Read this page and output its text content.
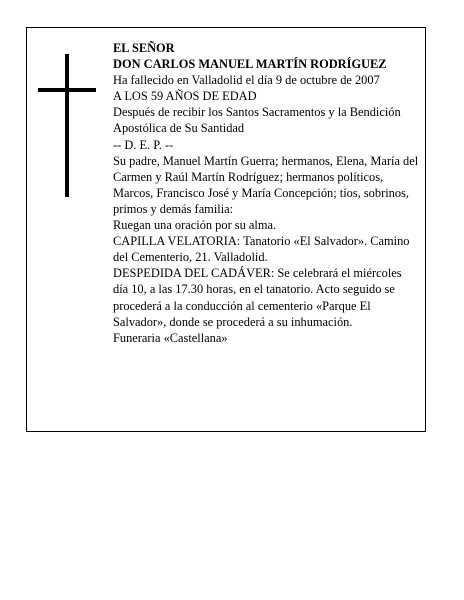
EL SEÑOR

DON CARLOS MANUEL MARTÍN RODRÍGUEZ

Ha fallecido en Valladolid el día 9 de octubre de 2007

A LOS 59 AÑOS DE EDAD

Después de recibir los Santos Sacramentos y la Bendición Apostólica de Su Santidad

-- D. E. P. --

Su padre, Manuel Martín Guerra; hermanos, Elena, María del Carmen y Raúl Martín Rodríguez; hermanos políticos, Marcos, Francisco José y María Concepción; tíos, sobrinos, primos y demás familia:

Ruegan una oración por su alma.

CAPILLA VELATORIA: Tanatorio «El Salvador». Camino del Cementerio, 21. Valladolid.

DESPEDIDA DEL CADÁVER: Se celebrará el miércoles día 10, a las 17.30 horas, en el tanatorio. Acto seguido se procederá a la conducción al cementerio «Parque El Salvador», donde se procederá a su inhumación.

Funeraria «Castellana»
